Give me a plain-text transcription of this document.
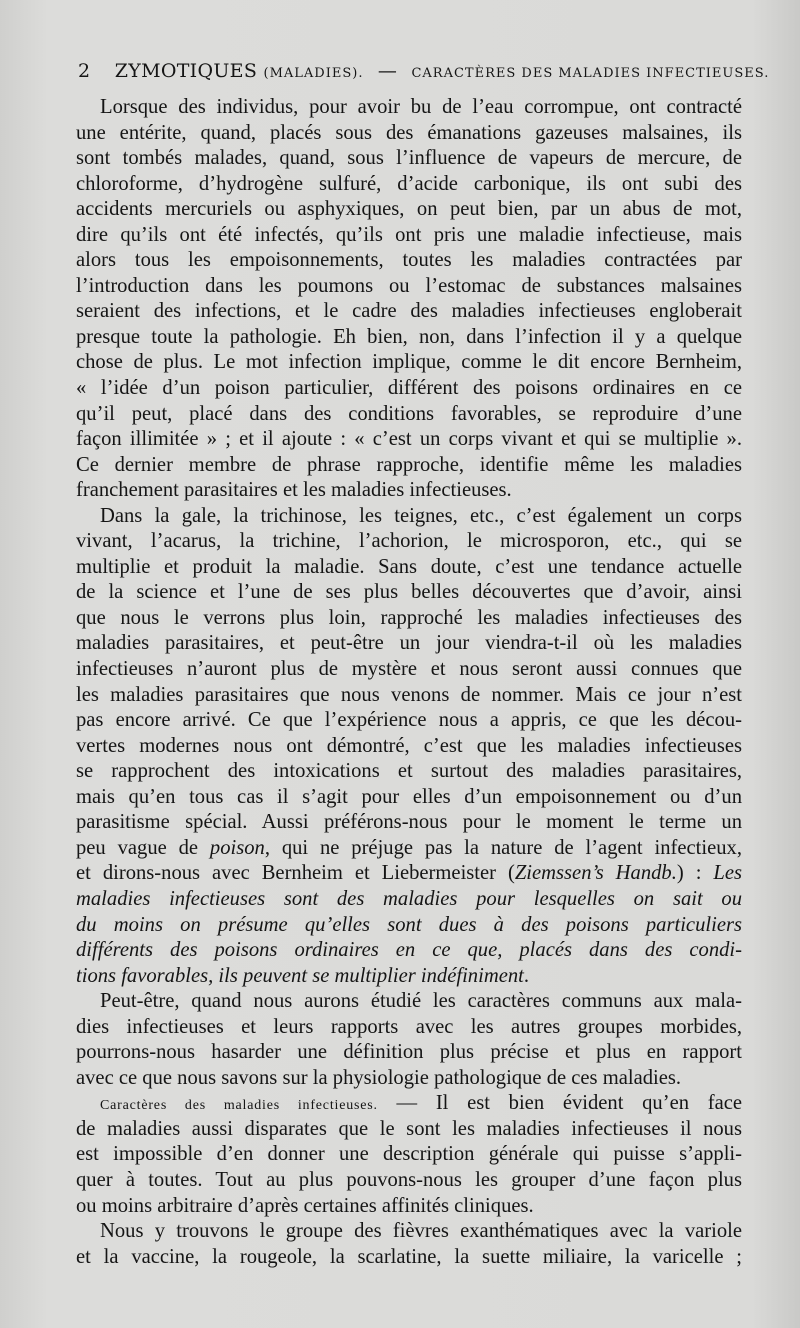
2 ZYMOTIQUES (MALADIES). — CARACTÈRES DES MALADIES INFECTIEUSES.
Lorsque des individus, pour avoir bu de l’eau corrompue, ont contracté
une entérite, quand, placés sous des émanations gazeuses malsaines, ils
sont tombés malades, quand, sous l’influence de vapeurs de mercure, de
chloroforme, d’hydrogène sulfuré, d’acide carbonique, ils ont subi des
accidents mercuriels ou asphyxiques, on peut bien, par un abus de mot,
dire qu’ils ont été infectés, qu’ils ont pris une maladie infectieuse, mais
alors tous les empoisonnements, toutes les maladies contractées par
l’introduction dans les poumons ou l’estomac de substances malsaines
seraient des infections, et le cadre des maladies infectieuses engloberait
presque toute la pathologie. Eh bien, non, dans l’infection il y a quelque
chose de plus. Le mot infection implique, comme le dit encore Bernheim,
« l’idée d’un poison particulier, différent des poisons ordinaires en ce
qu’il peut, placé dans des conditions favorables, se reproduire d’une
façon illimitée » ; et il ajoute : « c’est un corps vivant et qui se multiplie ».
Ce dernier membre de phrase rapproche, identifie même les maladies
franchement parasitaires et les maladies infectieuses.
Dans la gale, la trichinose, les teignes, etc., c’est également un corps
vivant, l’acarus, la trichine, l’achorion, le microsporon, etc., qui se
multiplie et produit la maladie. Sans doute, c’est une tendance actuelle
de la science et l’une de ses plus belles découvertes que d’avoir, ainsi
que nous le verrons plus loin, rapproché les maladies infectieuses des
maladies parasitaires, et peut-être un jour viendra-t-il où les maladies
infectieuses n’auront plus de mystère et nous seront aussi connues que
les maladies parasitaires que nous venons de nommer. Mais ce jour n’est
pas encore arrivé. Ce que l’expérience nous a appris, ce que les décou-
vertes modernes nous ont démontré, c’est que les maladies infectieuses
se rapprochent des intoxications et surtout des maladies parasitaires,
mais qu’en tous cas il s’agit pour elles d’un empoisonnement ou d’un
parasitisme spécial. Aussi préférons-nous pour le moment le terme un
peu vague de poison, qui ne préjuge pas la nature de l’agent infectieux,
et dirons-nous avec Bernheim et Liebermeister (Ziemssen’s Handb.) : Les
maladies infectieuses sont des maladies pour lesquelles on sait ou
du moins on présume qu’elles sont dues à des poisons particuliers
différents des poisons ordinaires en ce que, placés dans des condi-
tions favorables, ils peuvent se multiplier indéfiniment.
Peut-être, quand nous aurons étudié les caractères communs aux mala-
dies infectieuses et leurs rapports avec les autres groupes morbides,
pourrons-nous hasarder une définition plus précise et plus en rapport
avec ce que nous savons sur la physiologie pathologique de ces maladies.
Caractères des maladies infectieuses. — Il est bien évident qu’en face
de maladies aussi disparates que le sont les maladies infectieuses il nous
est impossible d’en donner une description générale qui puisse s’appli-
quer à toutes. Tout au plus pouvons-nous les grouper d’une façon plus
ou moins arbitraire d’après certaines affinités cliniques.
Nous y trouvons le groupe des fièvres exanthématiques avec la variole
et la vaccine, la rougeole, la scarlatine, la suette miliaire, la varicelle ;
